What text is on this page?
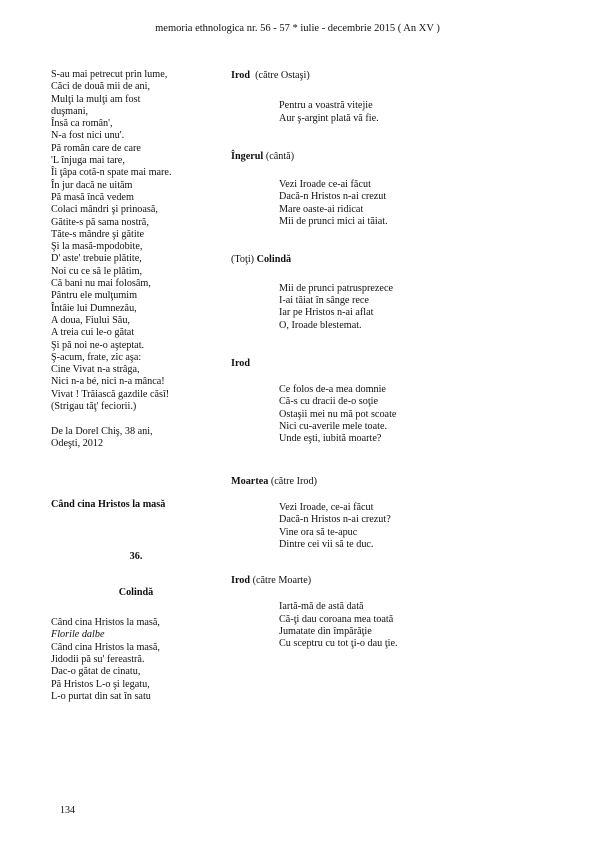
memoria ethnologica nr. 56 - 57 * iulie - decembrie 2015 ( An XV )
S-au mai petrecut prin lume,
Căci de două mii de ani,
Mulţi la mulţi am fost
duşmani,
Însă ca român',
N-a fost nici unu'.
Pă român care de care
'L înjuga mai tare,
Îi ţâpa cotă-n spate mai mare.
În jur dacă ne uităm
Pă masă încă vedem
Colaci mândri şi prinoasă,
Gătite-s pă sama nostră,
Tăte-s mândre şi gătite
Şi la masă-mpodobite,
D' aste' trebuie plătite,
Noi cu ce să le plătim,
Că bani nu mai folosâm,
Pântru ele mulţumim
Întâie lui Dumnezău,
A doua, Fiului Său,
A treia cui le-o gătat
Şi pă noi ne-o aşteptat.
Ş-acum, frate, zic aşa:
Cine Vivat n-a strâga,
Nici n-a bé, nici n-a mânca!
Vivat ! Trăiască gazdile căsî!
(Strigau tăţ' feciorii.)
De la Dorel Chiş, 38 ani,
Odeşti, 2012
Când cina Hristos la masă
36.
Colindă
Când cina Hristos la masă,
Florile dalbe
Când cina Hristos la masă,
Jidodii pă su' fereastră.
Dac-o gătat de cinatu,
Pă Hristos L-o şi legatu,
L-o purtat din sat în satu
Irod  (către Ostaşi)
Pentru a voastră vitejie
Aur ş-argint plată vă fie.
Îngerul (cântă)
Vezi Iroade ce-ai făcut
Dacă-n Hristos n-ai crezut
Mare oaste-ai ridicat
Mii de prunci mici ai tăiat.
(Toţi) Colindă
Mii de prunci patrusprezece
I-ai tăiat în sânge rece
Iar pe Hristos n-ai aflat
O, Iroade blestemat.
Irod
Ce folos de-a mea domnie
Că-s cu dracii de-o soţie
Ostaşii mei nu mă pot scoate
Nici cu-averile mele toate.
Unde eşti, iubită moarte?
Moartea (către Irod)
Vezi Iroade, ce-ai făcut
Dacă-n Hristos n-ai crezut?
Vine ora să te-apuc
Dintre cei vii să te duc.
Irod (către Moarte)
Iartă-mă de astă dată
Că-ţi dau coroana mea toată
Jumatate din împărăţie
Cu sceptru cu tot ţi-o dau ţie.
134
